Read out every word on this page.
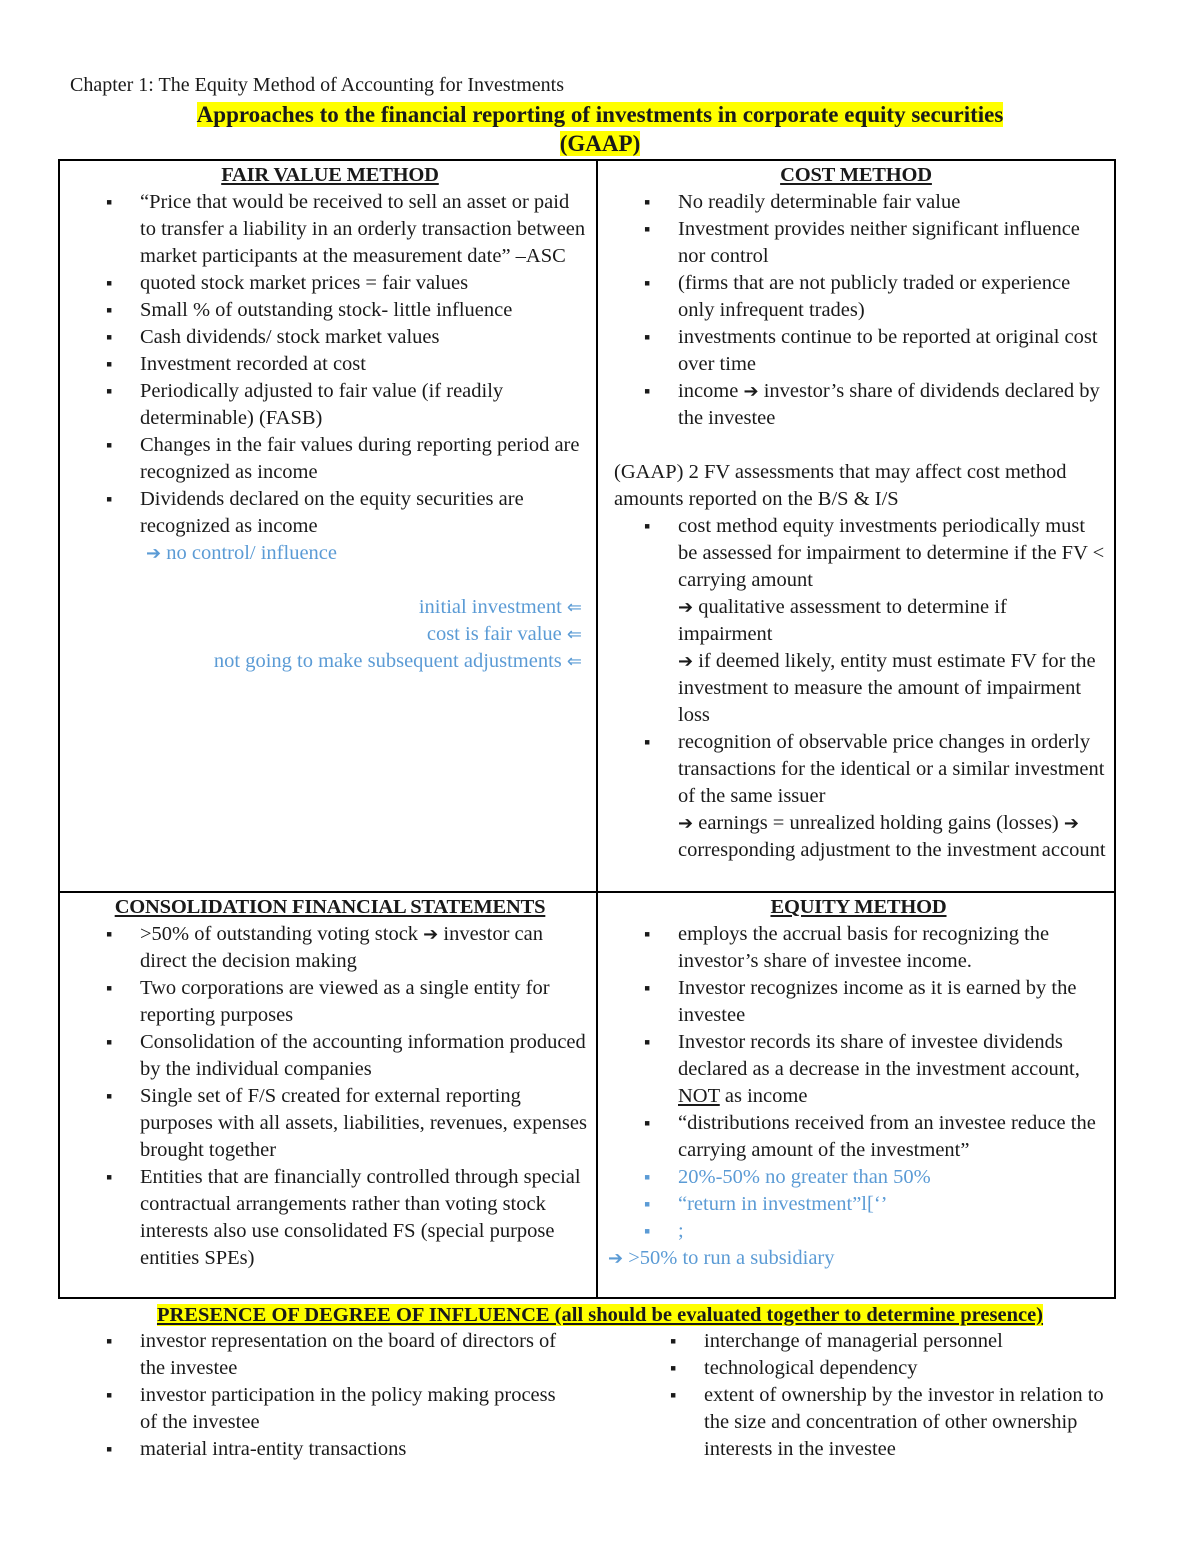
Chapter 1: The Equity Method of Accounting for Investments
Approaches to the financial reporting of investments in corporate equity securities
(GAAP)
FAIR VALUE METHOD
▪ “Price that would be received to sell an asset or paid to transfer a liability in an orderly transaction between market participants at the measurement date” –ASC
▪ quoted stock market prices = fair values
▪ Small % of outstanding stock- little influence
▪ Cash dividends/ stock market values
▪ Investment recorded at cost
▪ Periodically adjusted to fair value (if readily determinable) (FASB)
▪ Changes in the fair values during reporting period are recognized as income
▪ Dividends declared on the equity securities are recognized as income
➔ no control/ influence
initial investment ⇐
cost is fair value ⇐
not going to make subsequent adjustments ⇐
COST METHOD
▪ No readily determinable fair value
▪ Investment provides neither significant influence nor control
▪ (firms that are not publicly traded or experience only infrequent trades)
▪ investments continue to be reported at original cost over time
▪ income ➔ investor’s share of dividends declared by the investee
(GAAP) 2 FV assessments that may affect cost method amounts reported on the B/S & I/S
▪ cost method equity investments periodically must be assessed for impairment to determine if the FV < carrying amount
➔ qualitative assessment to determine if impairment
➔ if deemed likely, entity must estimate FV for the investment to measure the amount of impairment loss
▪ recognition of observable price changes in orderly transactions for the identical or a similar investment of the same issuer
➔ earnings = unrealized holding gains (losses) ➔ corresponding adjustment to the investment account
CONSOLIDATION FINANCIAL STATEMENTS
▪ >50% of outstanding voting stock ➔ investor can direct the decision making
▪ Two corporations are viewed as a single entity for reporting purposes
▪ Consolidation of the accounting information produced by the individual companies
▪ Single set of F/S created for external reporting purposes with all assets, liabilities, revenues, expenses brought together
▪ Entities that are financially controlled through special contractual arrangements rather than voting stock interests also use consolidated FS (special purpose entities SPEs)
EQUITY METHOD
▪ employs the accrual basis for recognizing the investor’s share of investee income.
▪ Investor recognizes income as it is earned by the investee
▪ Investor records its share of investee dividends declared as a decrease in the investment account, NOT as income
▪ “distributions received from an investee reduce the carrying amount of the investment”
▪ 20%-50% no greater than 50%
▪ “return in investment”l[‘’
▪ ;
➔ >50% to run a subsidiary
PRESENCE OF DEGREE OF INFLUENCE (all should be evaluated together to determine presence)
▪ investor representation on the board of directors of the investee
▪ investor participation in the policy making process of the investee
▪ material intra-entity transactions
▪ interchange of managerial personnel
▪ technological dependency
▪ extent of ownership by the investor in relation to the size and concentration of other ownership interests in the investee
